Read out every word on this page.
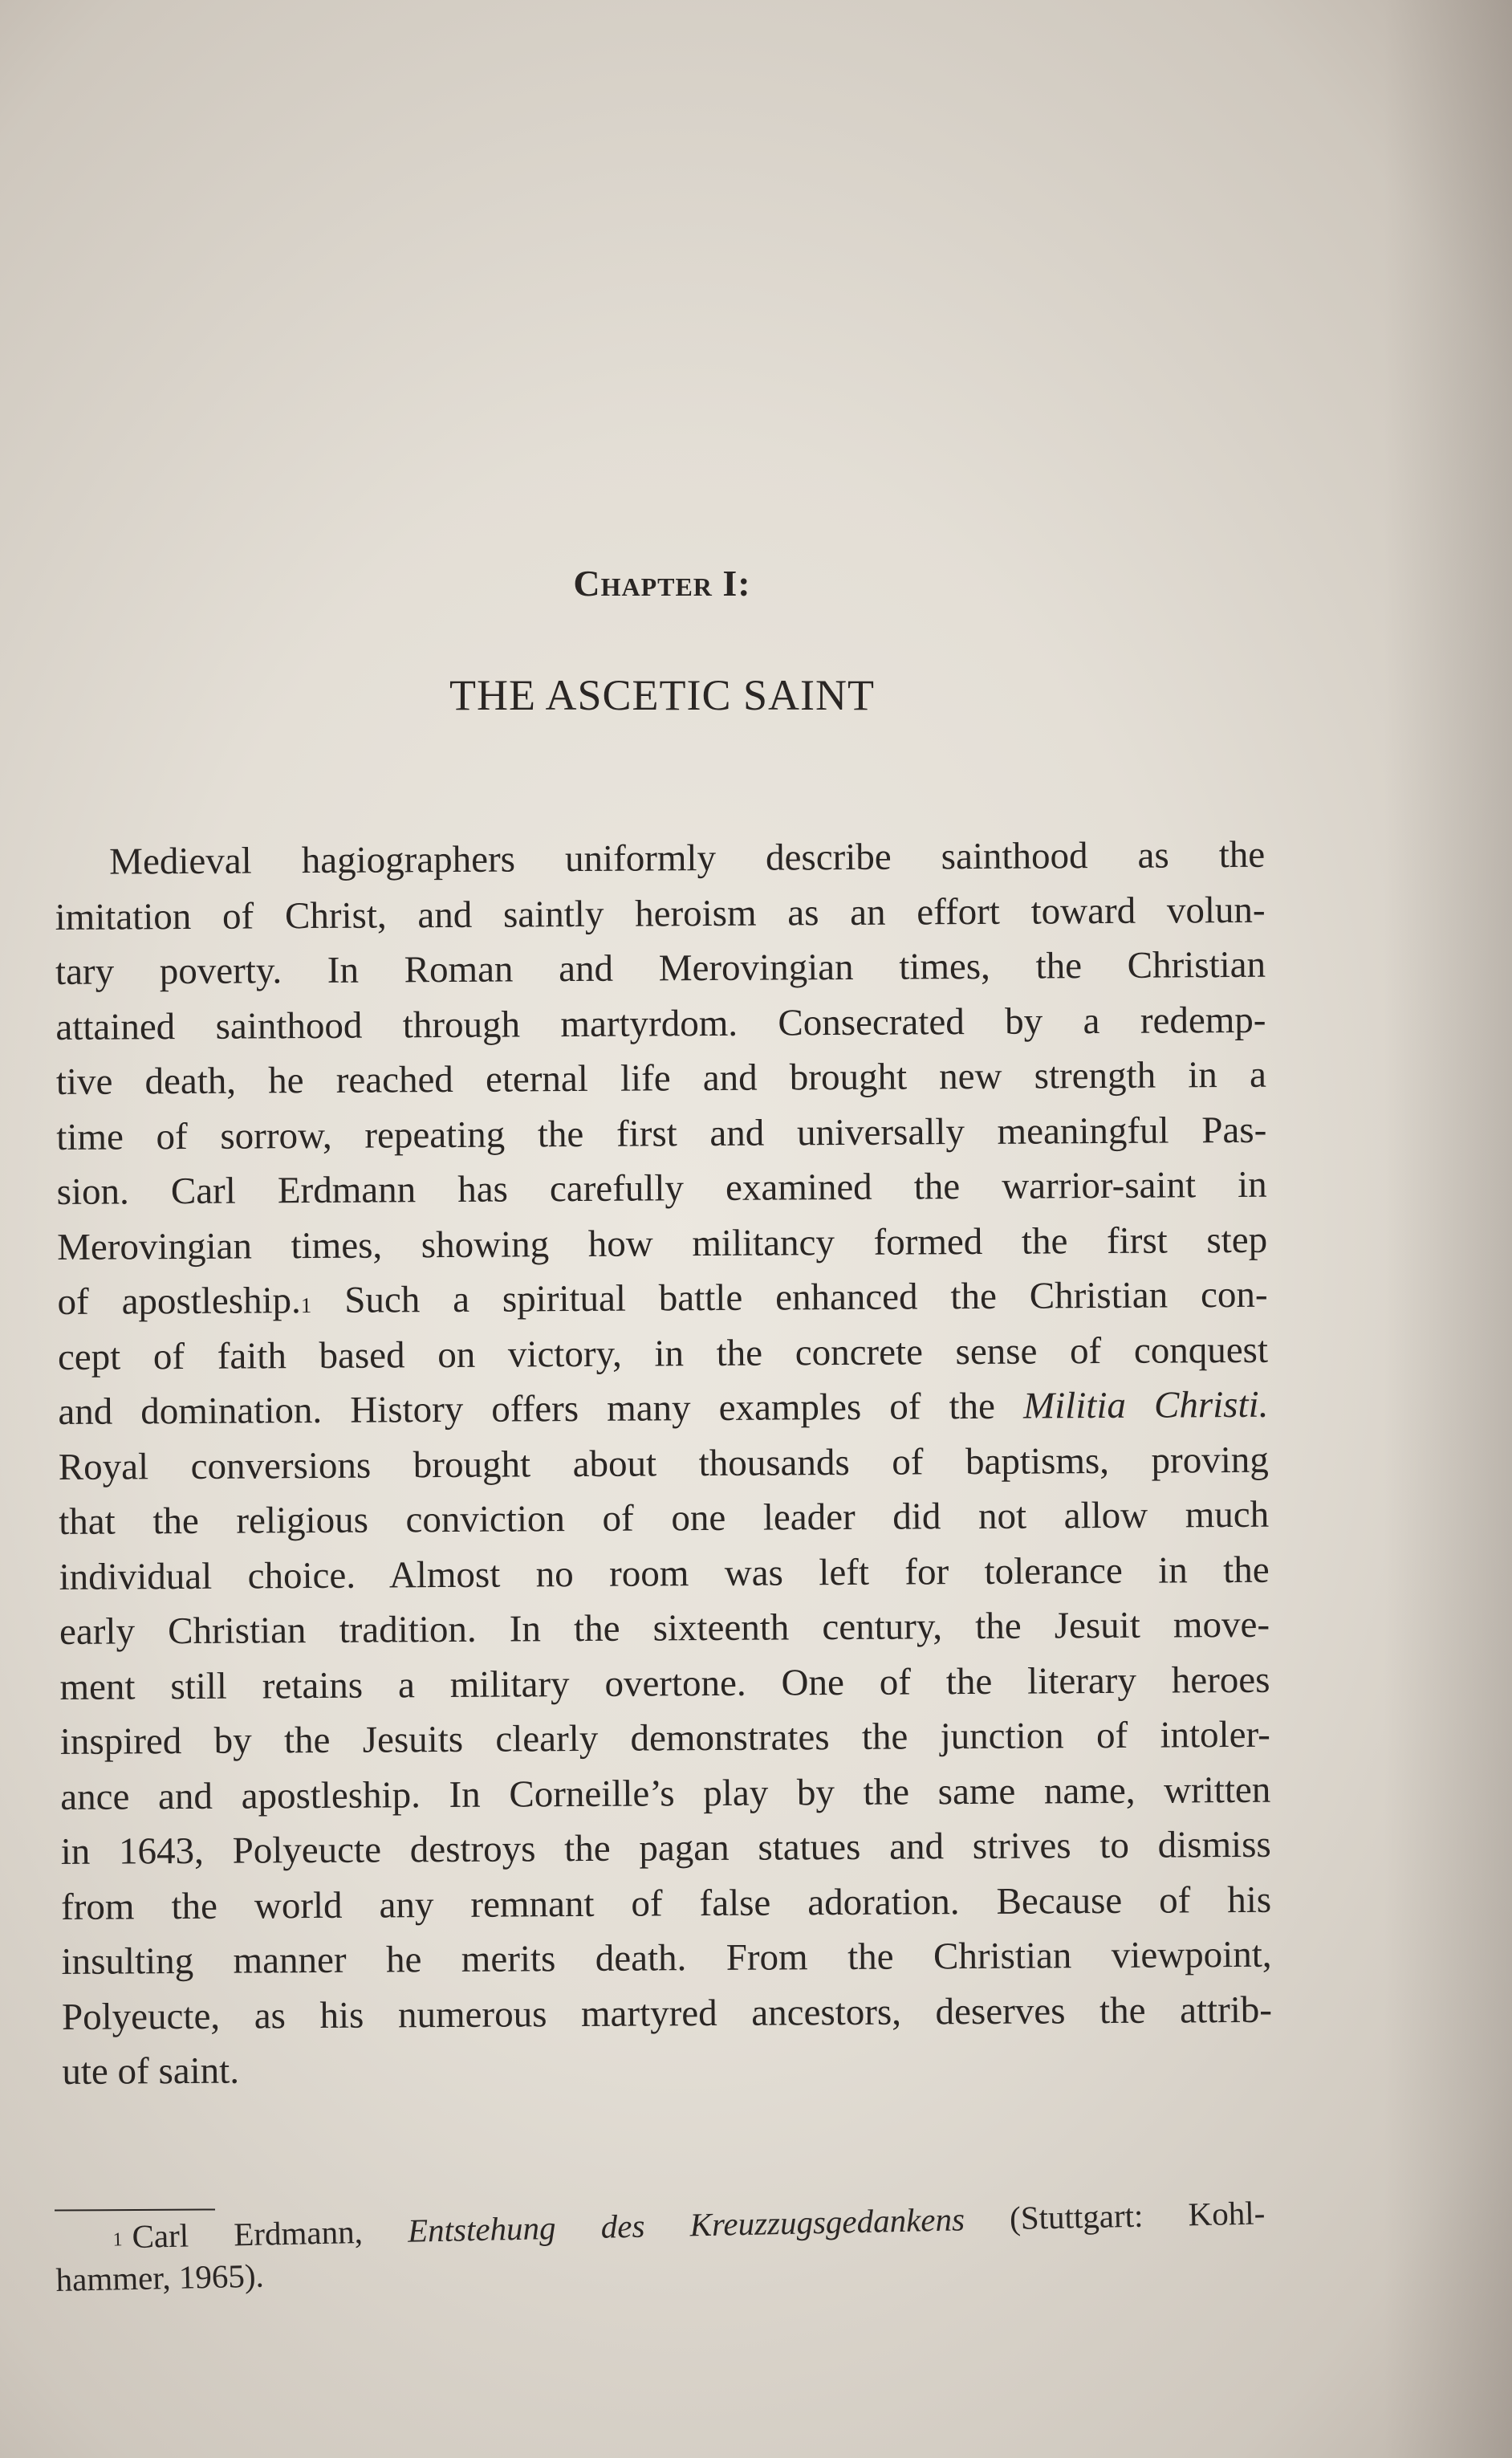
Chapter I:
THE ASCETIC SAINT
Medieval hagiographers uniformly describe sainthood as the
imitation of Christ, and saintly heroism as an effort toward volun-
tary poverty. In Roman and Merovingian times, the Christian
attained sainthood through martyrdom. Consecrated by a redemp-
tive death, he reached eternal life and brought new strength in a
time of sorrow, repeating the first and universally meaningful Pas-
sion. Carl Erdmann has carefully examined the warrior-saint in
Merovingian times, showing how militancy formed the first step
of apostleship.$^1$ Such a spiritual battle enhanced the Christian con-
cept of faith based on victory, in the concrete sense of conquest
and domination. History offers many examples of the Militia Christi.
Royal conversions brought about thousands of baptisms, proving
that the religious conviction of one leader did not allow much
individual choice. Almost no room was left for tolerance in the
early Christian tradition. In the sixteenth century, the Jesuit move-
ment still retains a military overtone. One of the literary heroes
inspired by the Jesuits clearly demonstrates the junction of intoler-
ance and apostleship. In Corneille’s play by the same name, written
in 1643, Polyeucte destroys the pagan statues and strives to dismiss
from the world any remnant of false adoration. Because of his
insulting manner he merits death. From the Christian viewpoint,
Polyeucte, as his numerous martyred ancestors, deserves the attrib-
ute of saint.
$^1$ Carl Erdmann, Entstehung des Kreuzzugsgedankens (Stuttgart: Kohl-
hammer, 1965).
